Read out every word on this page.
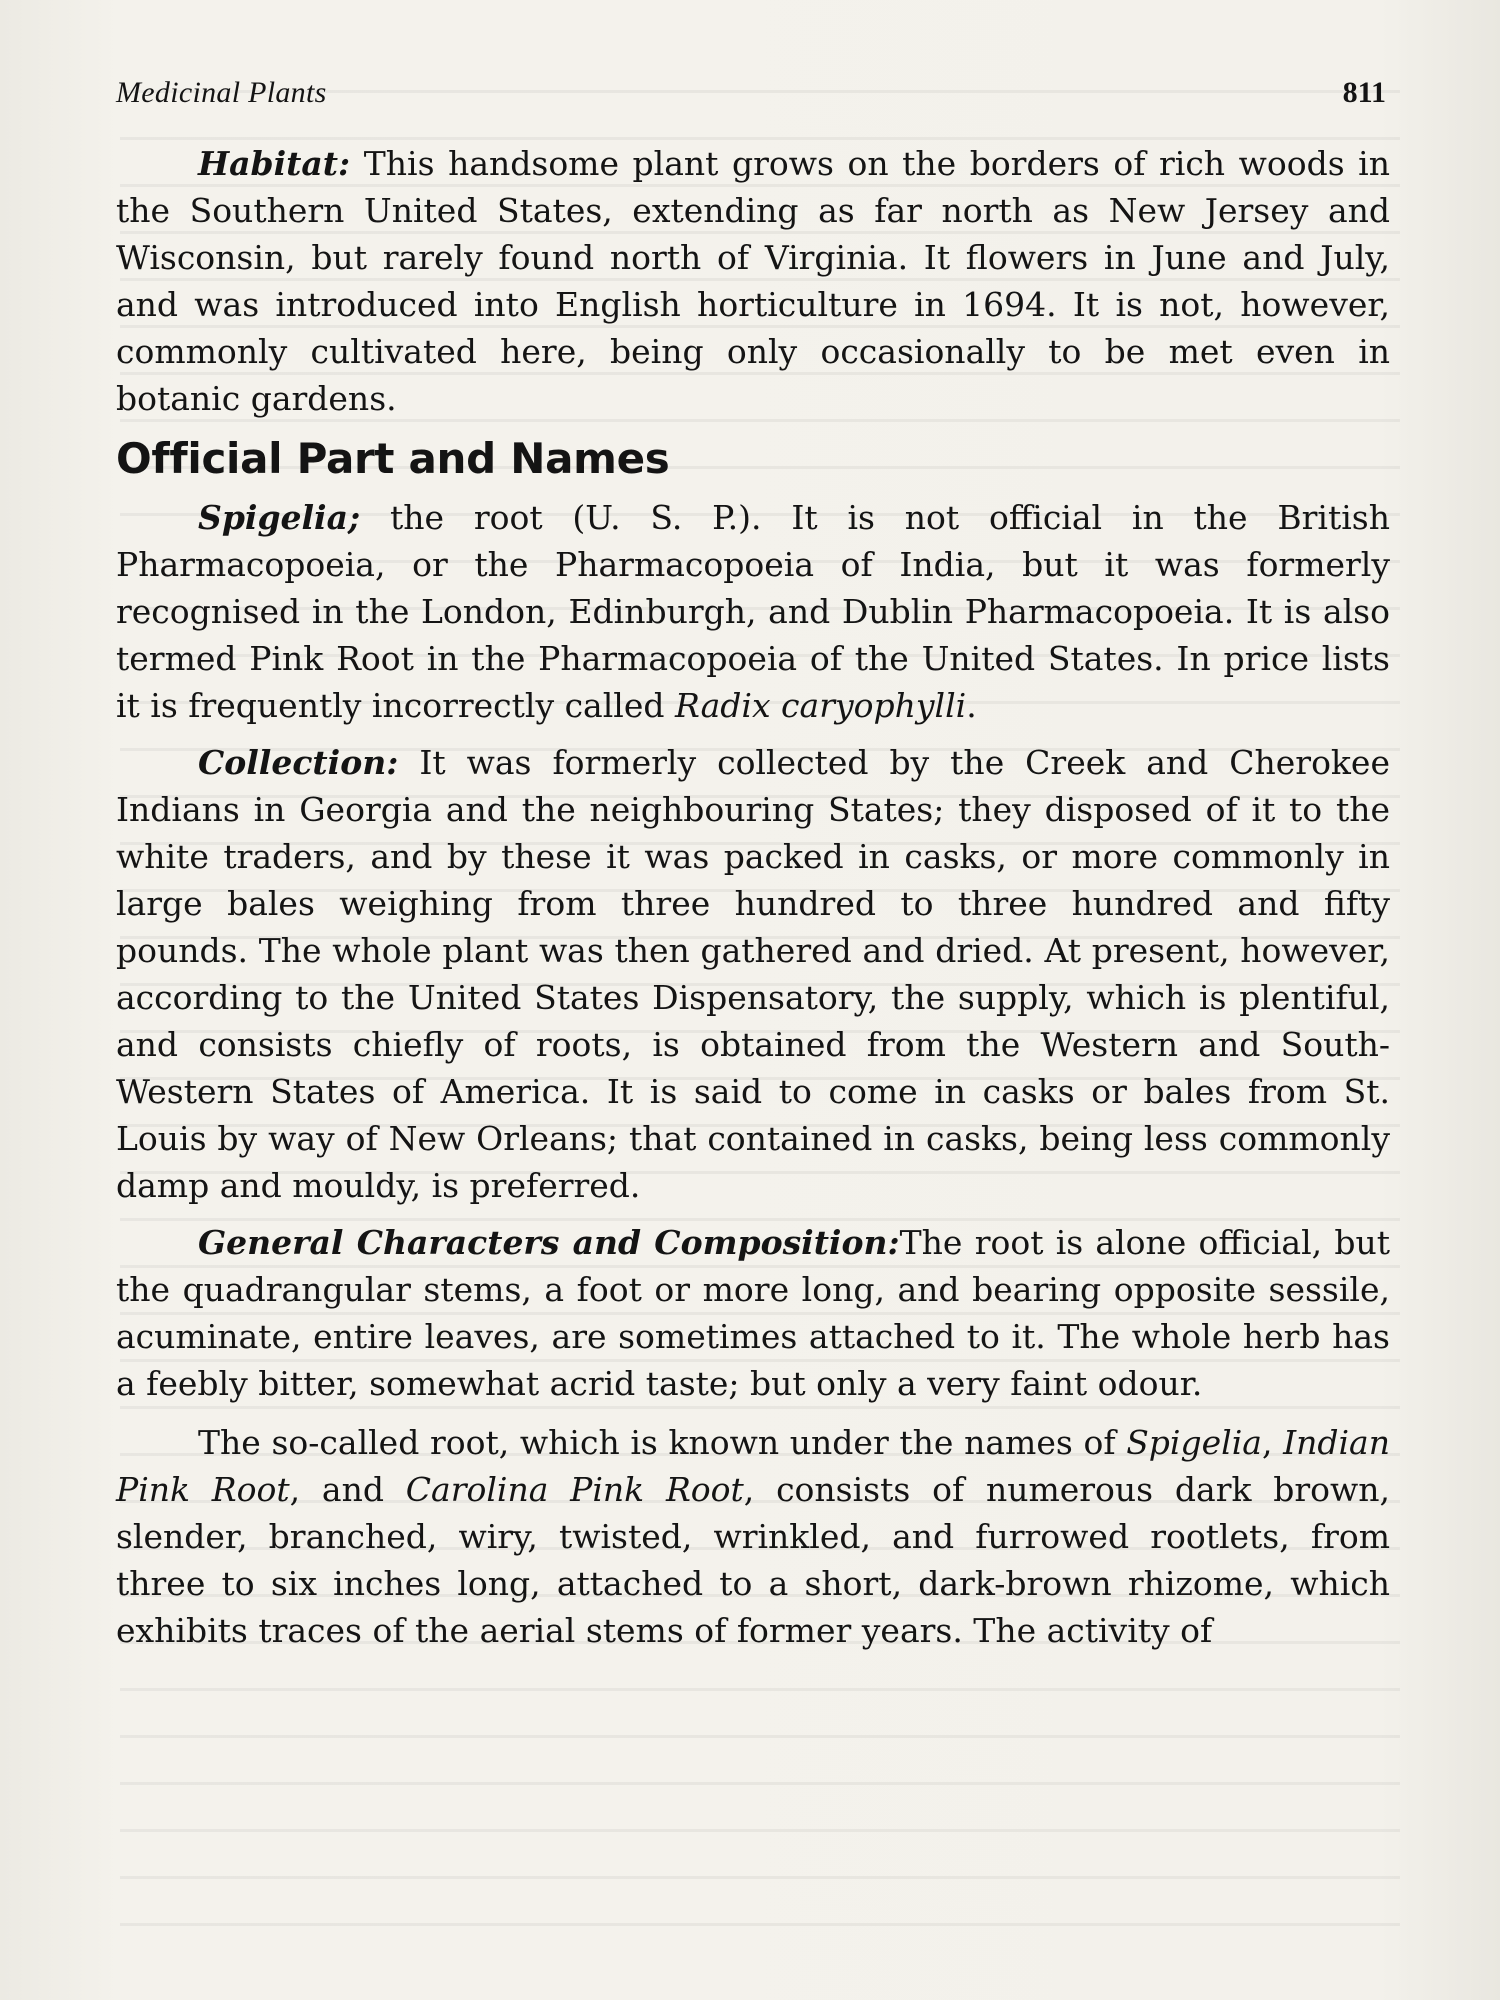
Medicinal Plants	811

Habitat: This handsome plant grows on the borders of rich woods in the Southern United States, extending as far north as New Jersey and Wisconsin, but rarely found north of Virginia. It flowers in June and July, and was introduced into English horticulture in 1694. It is not, however, commonly cultivated here, being only occasionally to be met even in botanic gardens.

Official Part and Names

Spigelia; the root (U. S. P.). It is not official in the British Pharmacopoeia, or the Pharmacopoeia of India, but it was formerly recognised in the London, Edinburgh, and Dublin Pharmacopoeia. It is also termed Pink Root in the Pharmacopoeia of the United States. In price lists it is frequently incorrectly called Radix caryophylli.

Collection: It was formerly collected by the Creek and Cherokee Indians in Georgia and the neighbouring States; they disposed of it to the white traders, and by these it was packed in casks, or more commonly in large bales weighing from three hundred to three hundred and fifty pounds. The whole plant was then gathered and dried. At present, however, according to the United States Dispensatory, the supply, which is plentiful, and consists chiefly of roots, is obtained from the Western and South-Western States of America. It is said to come in casks or bales from St. Louis by way of New Orleans; that contained in casks, being less commonly damp and mouldy, is preferred.

General Characters and Composition:The root is alone official, but the quadrangular stems, a foot or more long, and bearing opposite sessile, acuminate, entire leaves, are sometimes attached to it. The whole herb has a feebly bitter, somewhat acrid taste; but only a very faint odour.

The so-called root, which is known under the names of Spigelia, Indian Pink Root, and Carolina Pink Root, consists of numerous dark brown, slender, branched, wiry, twisted, wrinkled, and furrowed rootlets, from three to six inches long, attached to a short, dark-brown rhizome, which exhibits traces of the aerial stems of former years. The activity of
